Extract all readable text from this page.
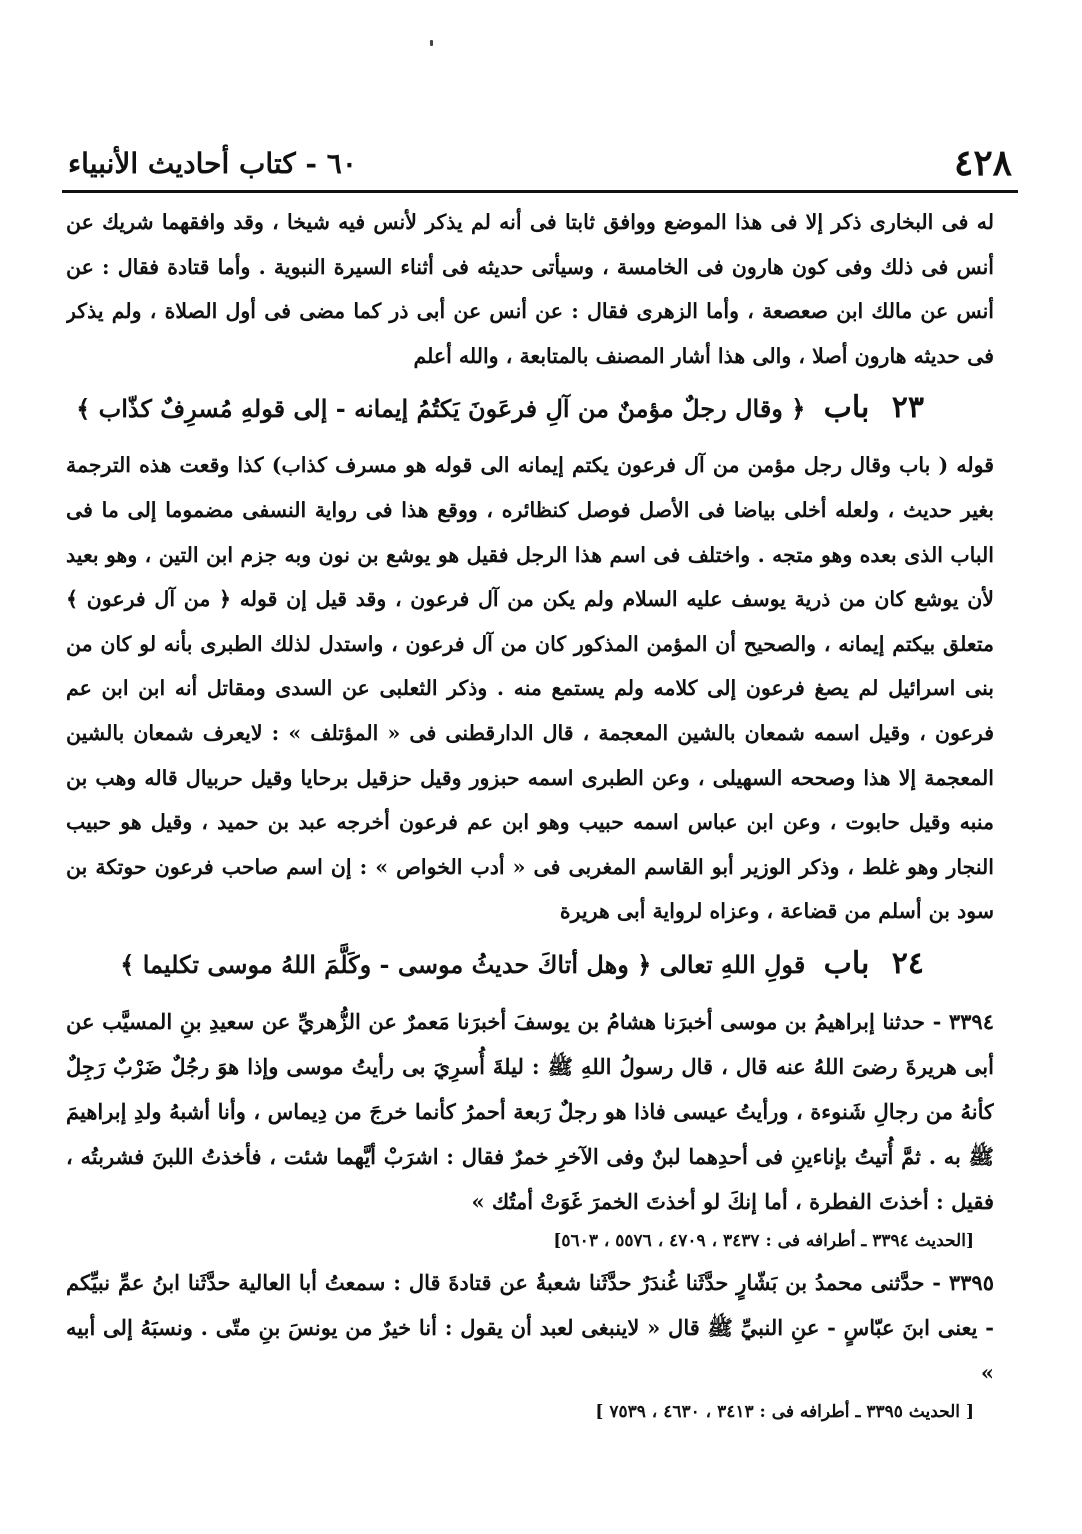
٤٢٨
٦٠ - كتاب أحاديث الأنبياء

له فى البخارى ذكر إلا فى هذا الموضع ووافق ثابتا فى أنه لم يذكر لأنس فيه شيخا ، وقد وافقهما شريك عن أنس فى ذلك وفى كون هارون فى الخامسة ، وسيأتى حديثه فى أثناء السيرة النبوية . وأما قتادة فقال : عن أنس عن مالك ابن صعصعة ، وأما الزهرى فقال : عن أنس عن أبى ذر كما مضى فى أول الصلاة ، ولم يذكر فى حديثه هارون أصلا ، والى هذا أشار المصنف بالمتابعة ، والله أعلم

٢٣ باب ﴿ وقال رجلٌ مؤمنٌ من آلِ فرعَونَ يَكتُمُ إيمانه - إلى قولهِ مُسرِفٌ كذّاب ﴾

قوله ( باب وقال رجل مؤمن من آل فرعون يكتم إيمانه الى قوله هو مسرف كذاب) كذا وقعت هذه الترجمة بغير حديث ، ولعله أخلى بياضا فى الأصل فوصل كنظائره ، ووقع هذا فى رواية النسفى مضموما إلى ما فى الباب الذى بعده وهو متجه . واختلف فى اسم هذا الرجل فقيل هو يوشع بن نون وبه جزم ابن التين ، وهو بعيد لأن يوشع كان من ذرية يوسف عليه السلام ولم يكن من آل فرعون ، وقد قيل إن قوله ﴿ من آل فرعون ﴾ متعلق بيكتم إيمانه ، والصحيح أن المؤمن المذكور كان من آل فرعون ، واستدل لذلك الطبرى بأنه لو كان من بنى اسرائيل لم يصغ فرعون إلى كلامه ولم يستمع منه . وذكر الثعلبى عن السدى ومقاتل أنه ابن ابن عم فرعون ، وقيل اسمه شمعان بالشين المعجمة ، قال الدارقطنى فى « المؤتلف » : لايعرف شمعان بالشين المعجمة إلا هذا وصححه السهيلى ، وعن الطبرى اسمه حبزور وقيل حزقيل برحايا وقيل حربيال قاله وهب بن منبه وقيل حابوت ، وعن ابن عباس اسمه حبيب وهو ابن عم فرعون أخرجه عبد بن حميد ، وقيل هو حبيب النجار وهو غلط ، وذكر الوزير أبو القاسم المغربى فى « أدب الخواص » : إن اسم صاحب فرعون حوتكة بن سود بن أسلم من قضاعة ، وعزاه لرواية أبى هريرة

٢٤ باب قولِ اللهِ تعالى ﴿ وهل أتاكَ حديثُ موسى - وكَلَّمَ اللهُ موسى تكليما ﴾

٣٣٩٤ - حدثنا إبراهيمُ بن موسى أخبرَنا هشامُ بن يوسفَ أخبرَنا مَعمرٌ عن الزُّهريِّ عن سعيدِ بنِ المسيَّب عن أبى هريرةَ رضىَ اللهُ عنه قال ، قال رسولُ اللهِ ﷺ : ليلةَ أُسرِيَ بى رأيتُ موسى وإذا هوَ رجُلٌ ضَرْبٌ رَجِلٌ كأنهُ من رجالِ شَنوءة ، ورأيتُ عيسى فاذا هو رجلٌ رَبعة أحمرُ كأنما خرجَ من دِيماس ، وأنا أشبهُ ولدِ إبراهيمَ ﷺ به . ثمَّ أُتيتُ بإناءينِ فى أحدِهما لبنٌ وفى الآخرِ خمرٌ فقال : اشرَبْ أيَّهما شئت ، فأخذتُ اللبنَ فشربتُه ، فقيل : أخذتَ الفطرة ، أما إنكَ لو أخذتَ الخمرَ غَوَتْ أمتُك »

[الحديث ٣٣٩٤ ـ أطرافه فى : ٣٤٣٧ ، ٤٧٠٩ ، ٥٥٧٦ ، ٥٦٠٣]

٣٣٩٥ - حدَّثنى محمدُ بن بَشّارٍ حدَّثَنا غُندَرٌ حدَّثَنا شعبةُ عن قتادةَ قال : سمعتُ أبا العالية حدَّثَنا ابنُ عمِّ نبيِّكم - يعنى ابنَ عبّاسٍ - عنِ النبيِّ ﷺ قال « لاينبغى لعبد أن يقول : أنا خيرٌ من يونسَ بنِ متّى . ونسبَهُ إلى أبيه »

[ الحديث ٣٣٩٥ ـ أطرافه فى : ٣٤١٣ ، ٤٦٣٠ ، ٧٥٣٩ ]
